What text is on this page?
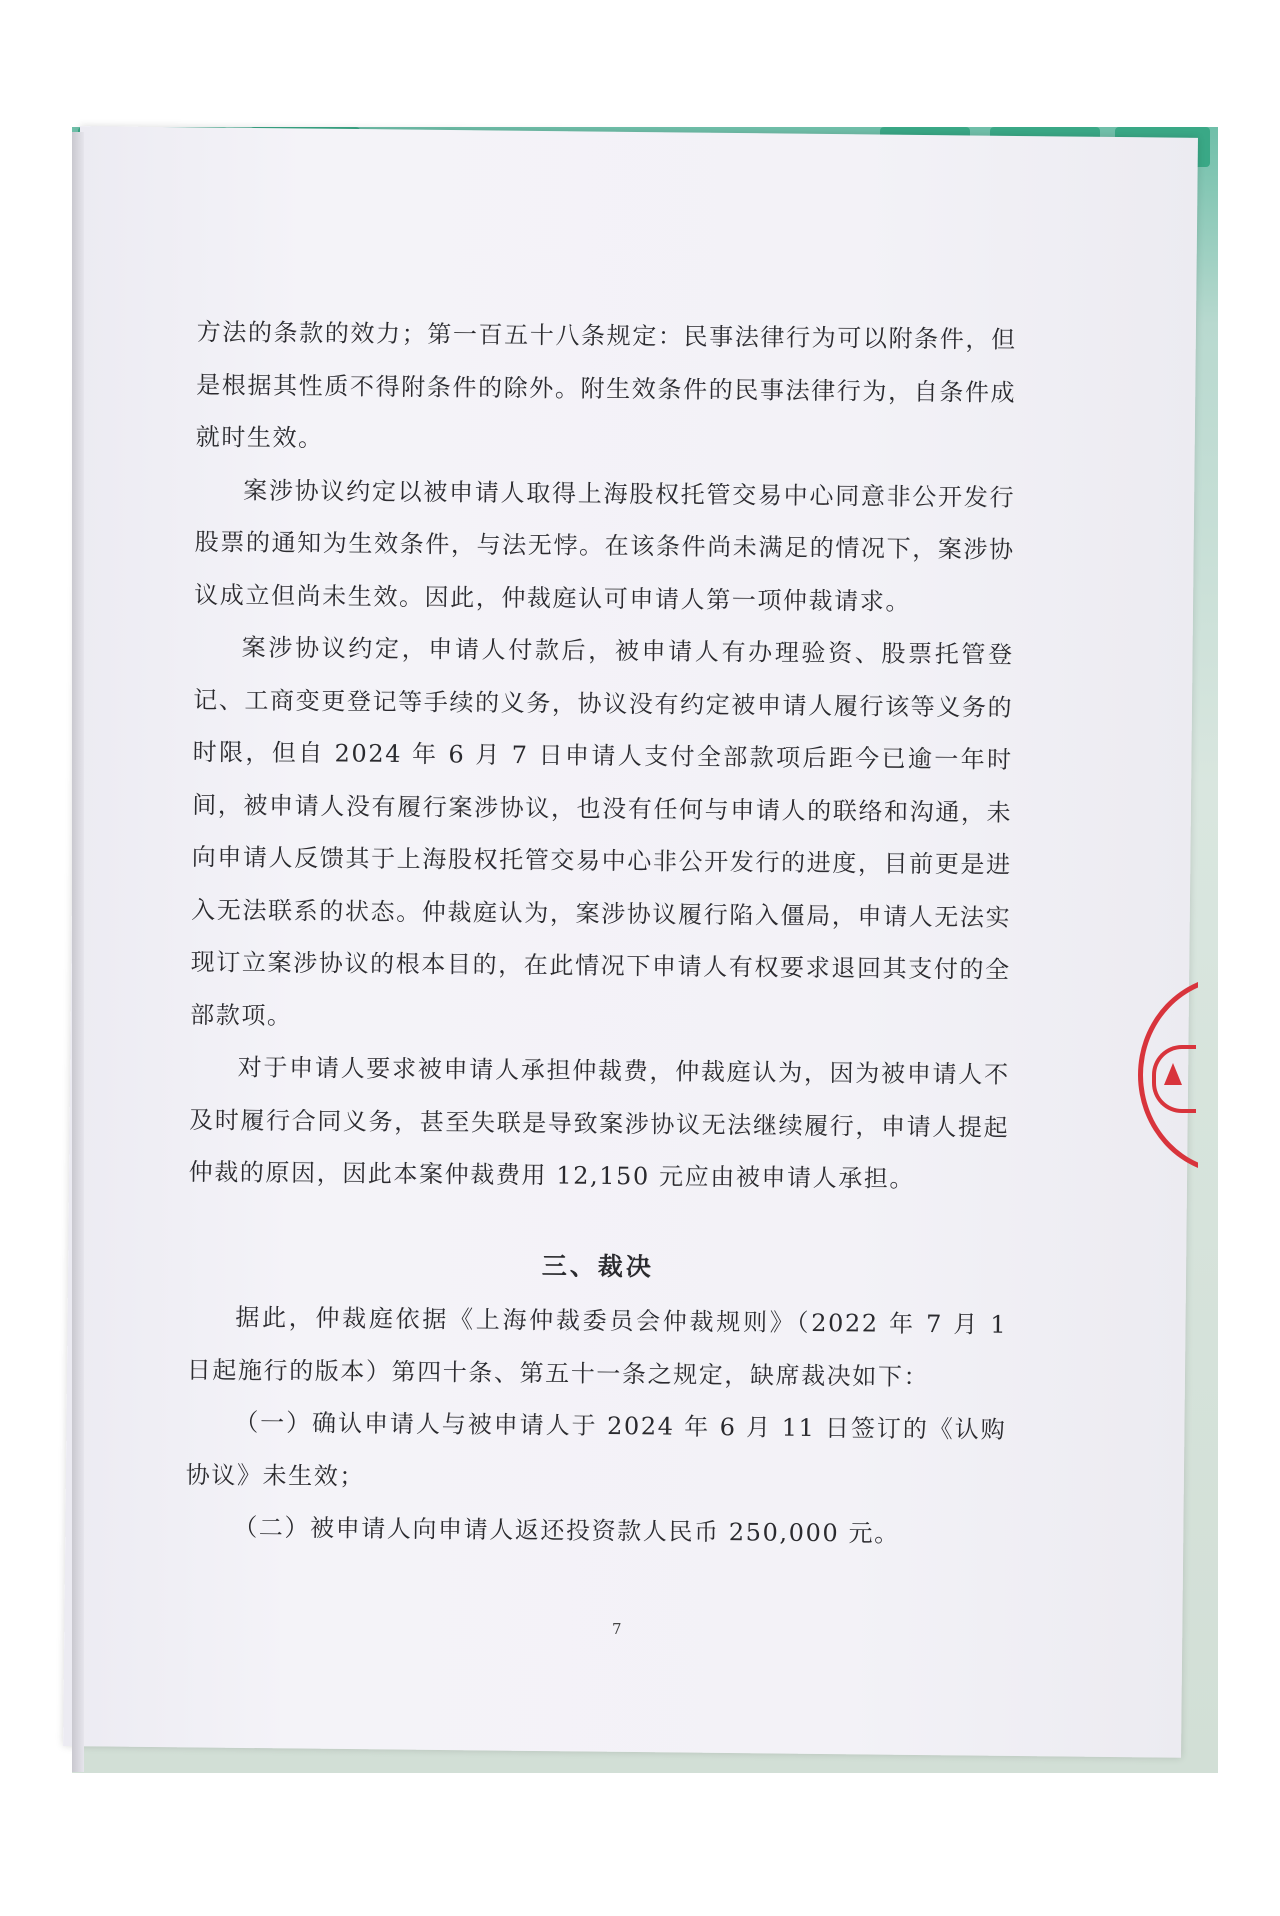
方法的条款的效力；第一百五十八条规定：民事法律行为可以附条件，但是根据其性质不得附条件的除外。附生效条件的民事法律行为，自条件成就时生效。

案涉协议约定以被申请人取得上海股权托管交易中心同意非公开发行股票的通知为生效条件，与法无悖。在该条件尚未满足的情况下，案涉协议成立但尚未生效。因此，仲裁庭认可申请人第一项仲裁请求。

案涉协议约定，申请人付款后，被申请人有办理验资、股票托管登记、工商变更登记等手续的义务，协议没有约定被申请人履行该等义务的时限，但自 2024 年 6 月 7 日申请人支付全部款项后距今已逾一年时间，被申请人没有履行案涉协议，也没有任何与申请人的联络和沟通，未向申请人反馈其于上海股权托管交易中心非公开发行的进度，目前更是进入无法联系的状态。仲裁庭认为，案涉协议履行陷入僵局，申请人无法实现订立案涉协议的根本目的，在此情况下申请人有权要求退回其支付的全部款项。

对于申请人要求被申请人承担仲裁费，仲裁庭认为，因为被申请人不及时履行合同义务，甚至失联是导致案涉协议无法继续履行，申请人提起仲裁的原因，因此本案仲裁费用 12,150 元应由被申请人承担。

三、裁决

据此，仲裁庭依据《上海仲裁委员会仲裁规则》（2022 年 7 月 1 日起施行的版本）第四十条、第五十一条之规定，缺席裁决如下：

（一）确认申请人与被申请人于 2024 年 6 月 11 日签订的《认购协议》未生效；

（二）被申请人向申请人返还投资款人民币 250,000 元。

7
